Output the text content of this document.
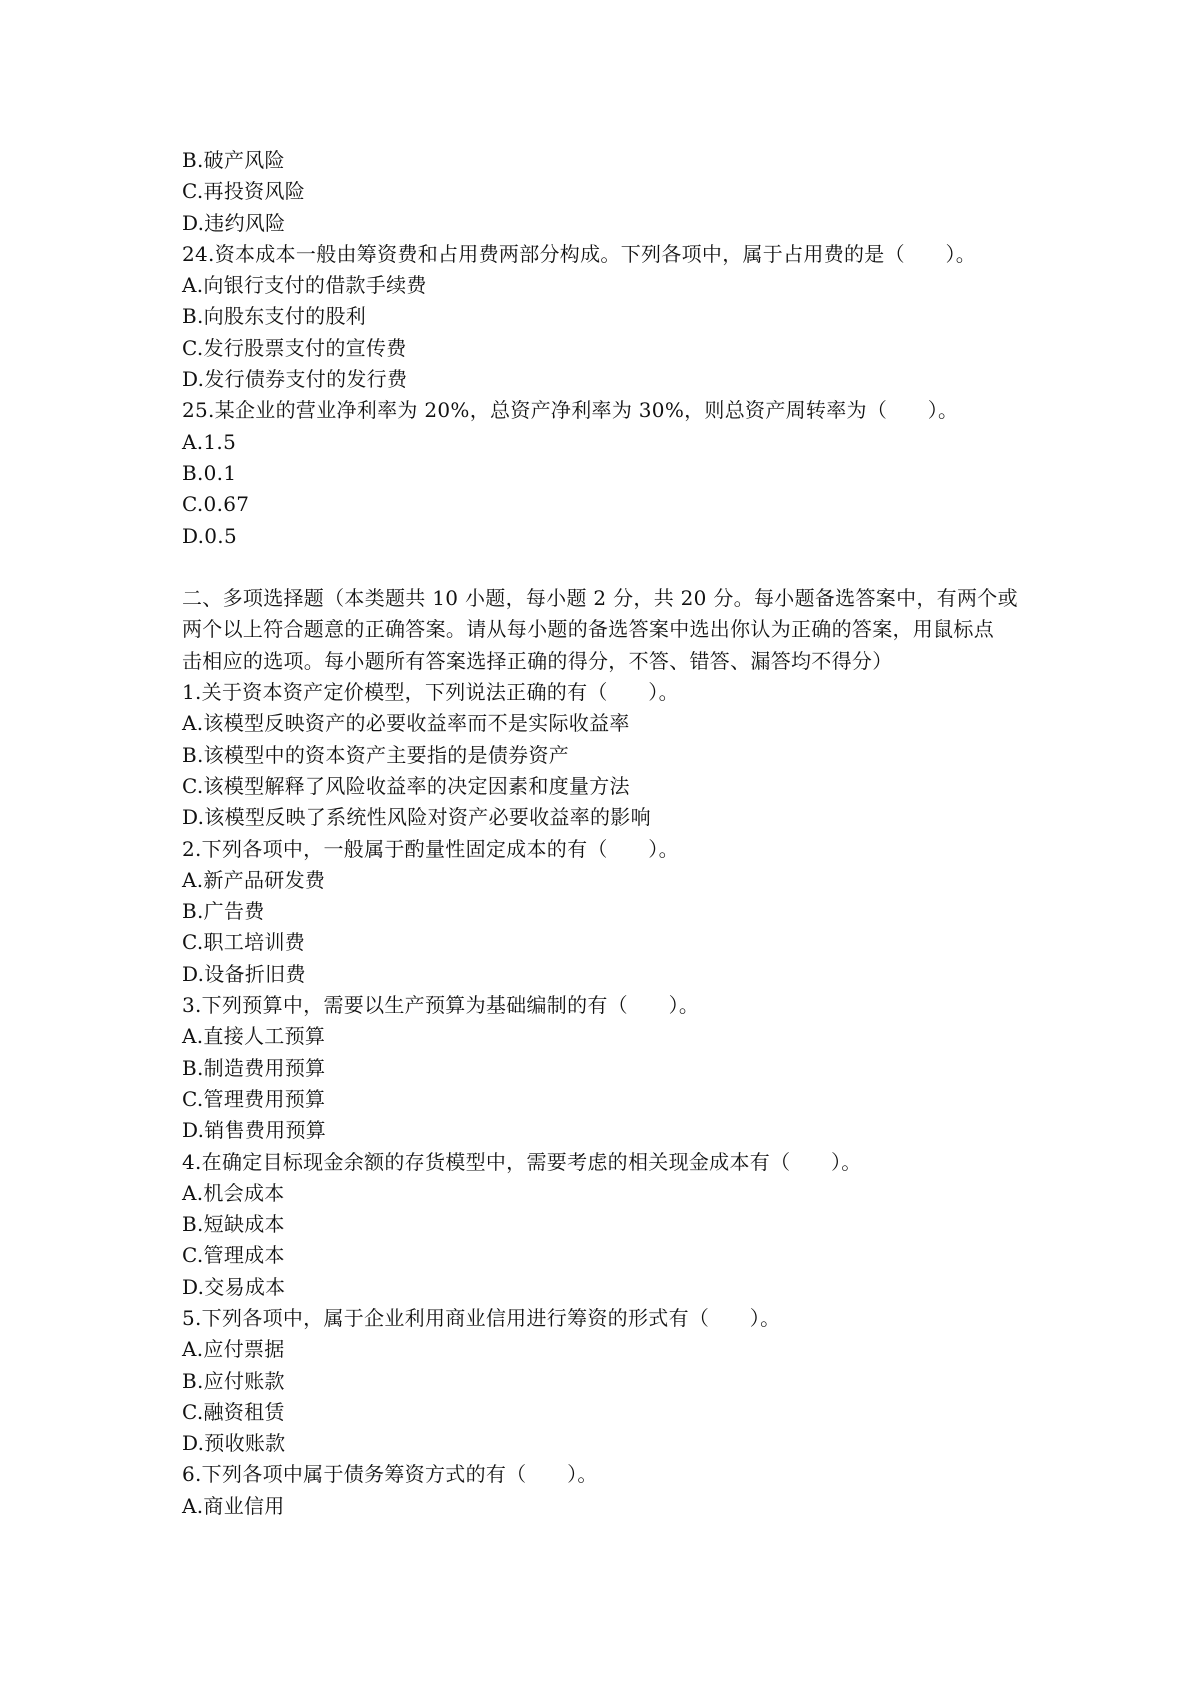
B.破产风险
C.再投资风险
D.违约风险
24.资本成本一般由筹资费和占用费两部分构成。下列各项中，属于占用费的是（　　）。
A.向银行支付的借款手续费
B.向股东支付的股利
C.发行股票支付的宣传费
D.发行债券支付的发行费
25.某企业的营业净利率为 20%，总资产净利率为 30%，则总资产周转率为（　　）。
A.1.5
B.0.1
C.0.67
D.0.5
二、多项选择题（本类题共 10 小题，每小题 2 分，共 20 分。每小题备选答案中，有两个或
两个以上符合题意的正确答案。请从每小题的备选答案中选出你认为正确的答案，用鼠标点
击相应的选项。每小题所有答案选择正确的得分，不答、错答、漏答均不得分）
1.关于资本资产定价模型，下列说法正确的有（　　）。
A.该模型反映资产的必要收益率而不是实际收益率
B.该模型中的资本资产主要指的是债券资产
C.该模型解释了风险收益率的决定因素和度量方法
D.该模型反映了系统性风险对资产必要收益率的影响
2.下列各项中，一般属于酌量性固定成本的有（　　）。
A.新产品研发费
B.广告费
C.职工培训费
D.设备折旧费
3.下列预算中，需要以生产预算为基础编制的有（　　）。
A.直接人工预算
B.制造费用预算
C.管理费用预算
D.销售费用预算
4.在确定目标现金余额的存货模型中，需要考虑的相关现金成本有（　　）。
A.机会成本
B.短缺成本
C.管理成本
D.交易成本
5.下列各项中，属于企业利用商业信用进行筹资的形式有（　　）。
A.应付票据
B.应付账款
C.融资租赁
D.预收账款
6.下列各项中属于债务筹资方式的有（　　）。
A.商业信用
